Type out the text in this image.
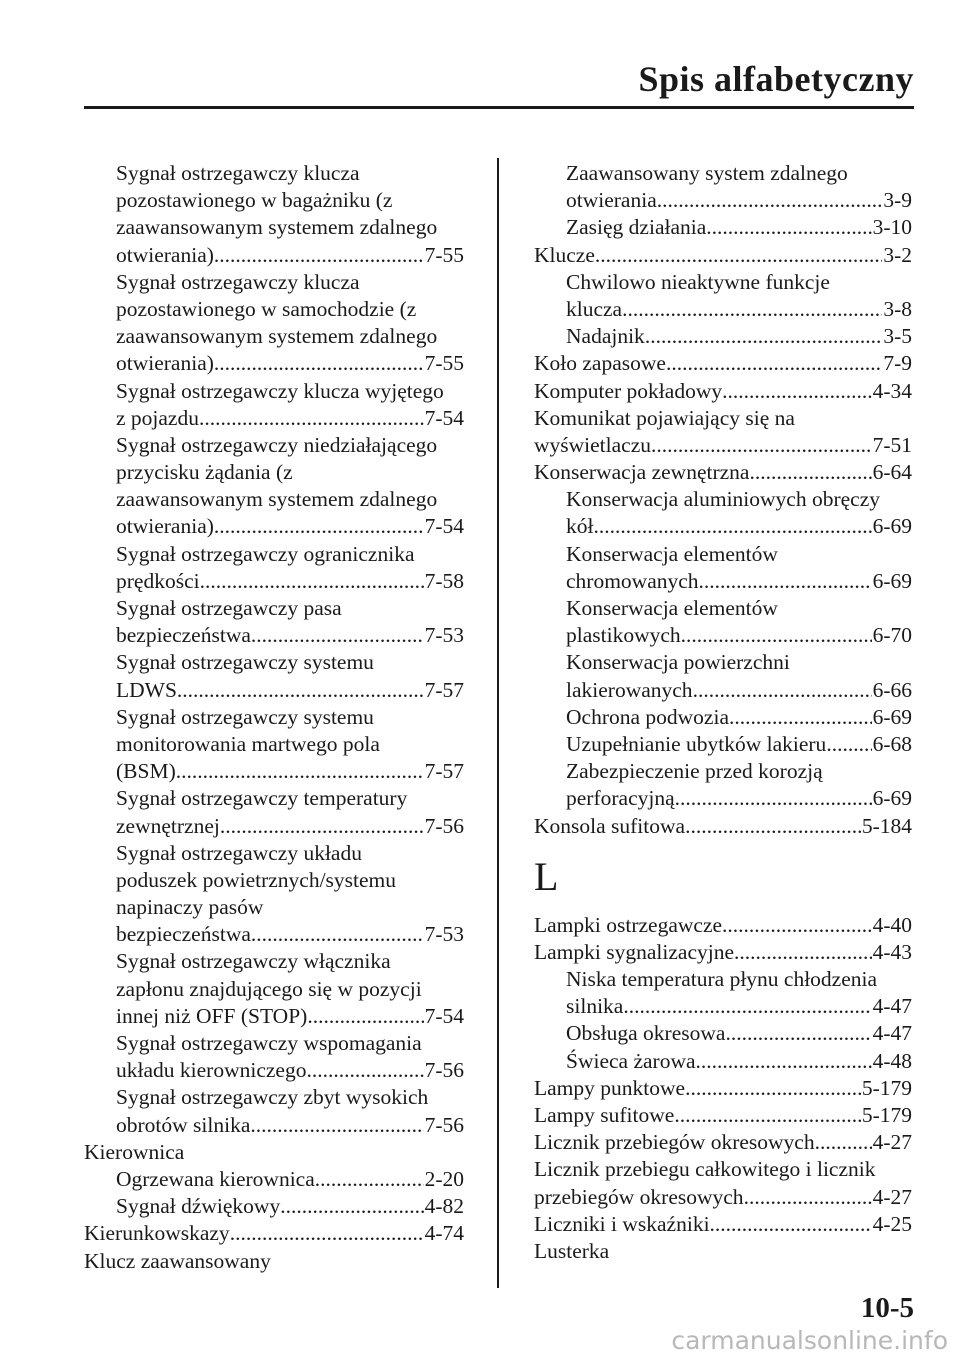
Spis alfabetyczny
Sygnał ostrzegawczy klucza
pozostawionego w bagażniku (z
zaawansowanym systemem zdalnego
otwierania) .....	7-55
Sygnał ostrzegawczy klucza
pozostawionego w samochodzie (z
zaawansowanym systemem zdalnego
otwierania) .....	7-55
Sygnał ostrzegawczy klucza wyjętego
z pojazdu .....	7-54
Sygnał ostrzegawczy niedziałającego
przycisku żądania (z
zaawansowanym systemem zdalnego
otwierania) .....	7-54
Sygnał ostrzegawczy ogranicznika
prędkości .....	7-58
Sygnał ostrzegawczy pasa
bezpieczeństwa .....	7-53
Sygnał ostrzegawczy systemu
LDWS .....	7-57
Sygnał ostrzegawczy systemu
monitorowania martwego pola
(BSM) .....	7-57
Sygnał ostrzegawczy temperatury
zewnętrznej .....	7-56
Sygnał ostrzegawczy układu
poduszek powietrznych/systemu
napinaczy pasów
bezpieczeństwa .....	7-53
Sygnał ostrzegawczy włącznika
zapłonu znajdującego się w pozycji
innej niż OFF (STOP) .....	7-54
Sygnał ostrzegawczy wspomagania
układu kierowniczego .....	7-56
Sygnał ostrzegawczy zbyt wysokich
obrotów silnika .....	7-56
Kierownica
Ogrzewana kierownica .....	2-20
Sygnał dźwiękowy .....	4-82
Kierunkowskazy .....	4-74
Klucz zaawansowany
Zaawansowany system zdalnego
otwierania .....	3-9
Zasięg działania .....	3-10
Klucze .....	3-2
Chwilowo nieaktywne funkcje
klucza .....	3-8
Nadajnik .....	3-5
Koło zapasowe .....	7-9
Komputer pokładowy .....	4-34
Komunikat pojawiający się na
wyświetlaczu .....	7-51
Konserwacja zewnętrzna .....	6-64
Konserwacja aluminiowych obręczy
kół .....	6-69
Konserwacja elementów
chromowanych .....	6-69
Konserwacja elementów
plastikowych .....	6-70
Konserwacja powierzchni
lakierowanych .....	6-66
Ochrona podwozia .....	6-69
Uzupełnianie ubytków lakieru ..... 6-68
Zabezpieczenie przed korozją
perforacyjną .....	6-69
Konsola sufitowa .....	5-184
L
Lampki ostrzegawcze .....	4-40
Lampki sygnalizacyjne .....	4-43
Niska temperatura płynu chłodzenia
silnika .....	4-47
Obsługa okresowa .....	4-47
Świeca żarowa .....	4-48
Lampy punktowe .....	5-179
Lampy sufitowe .....	5-179
Licznik przebiegów okresowych .....	4-27
Licznik przebiegu całkowitego i licznik
przebiegów okresowych .....	4-27
Liczniki i wskaźniki .....	4-25
Lusterka
10-5
carmanualsonline.info
